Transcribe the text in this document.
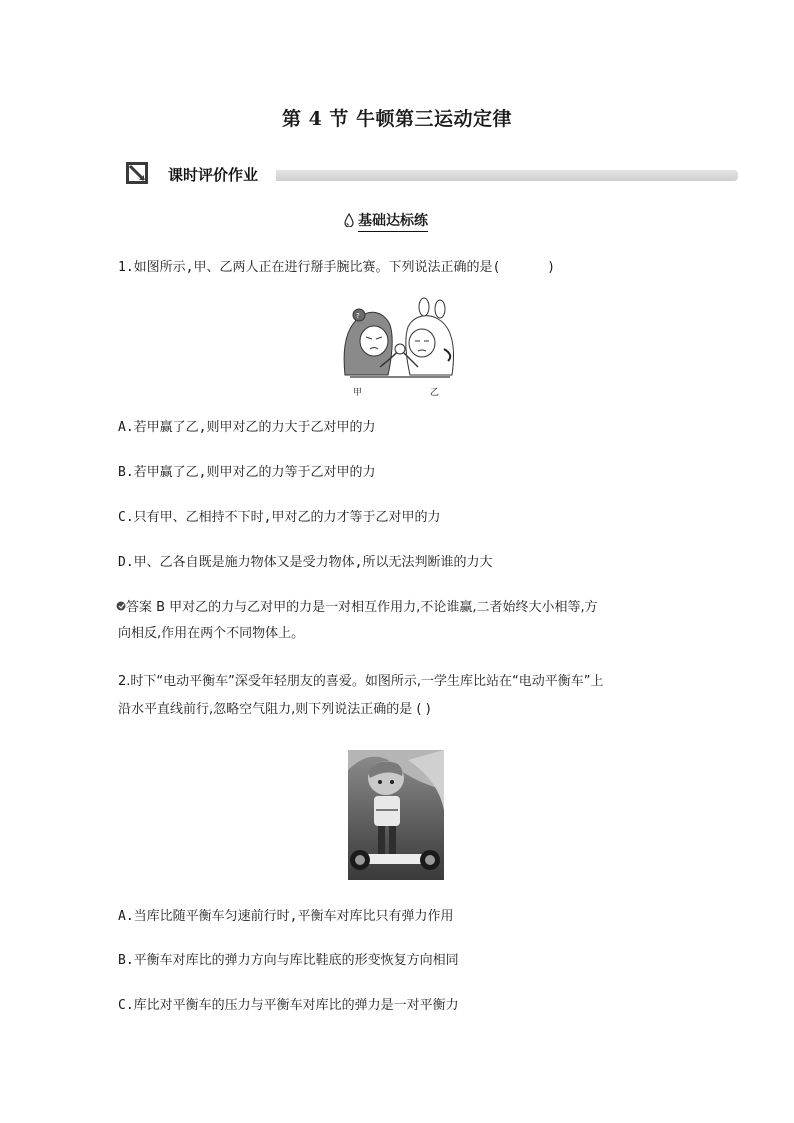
第 4 节 牛顿第三运动定律
课时评价作业
基础达标练
1.如图所示,甲、乙两人正在进行掰手腕比赛。下列说法正确的是(      )
?
甲	乙
A.若甲赢了乙,则甲对乙的力大于乙对甲的力
B.若甲赢了乙,则甲对乙的力等于乙对甲的力
C.只有甲、乙相持不下时,甲对乙的力才等于乙对甲的力
D.甲、乙各自既是施力物体又是受力物体,所以无法判断谁的力大
答案 B 甲对乙的力与乙对甲的力是一对相互作用力,不论谁赢,二者始终大小相等,方
向相反,作用在两个不同物体上。
2.时下“电动平衡车”深受年轻朋友的喜爱。如图所示,一学生库比站在“电动平衡车”上
沿水平直线前行,忽略空气阻力,则下列说法正确的是 ( )
A.当库比随平衡车匀速前行时,平衡车对库比只有弹力作用
B.平衡车对库比的弹力方向与库比鞋底的形变恢复方向相同
C.库比对平衡车的压力与平衡车对库比的弹力是一对平衡力
